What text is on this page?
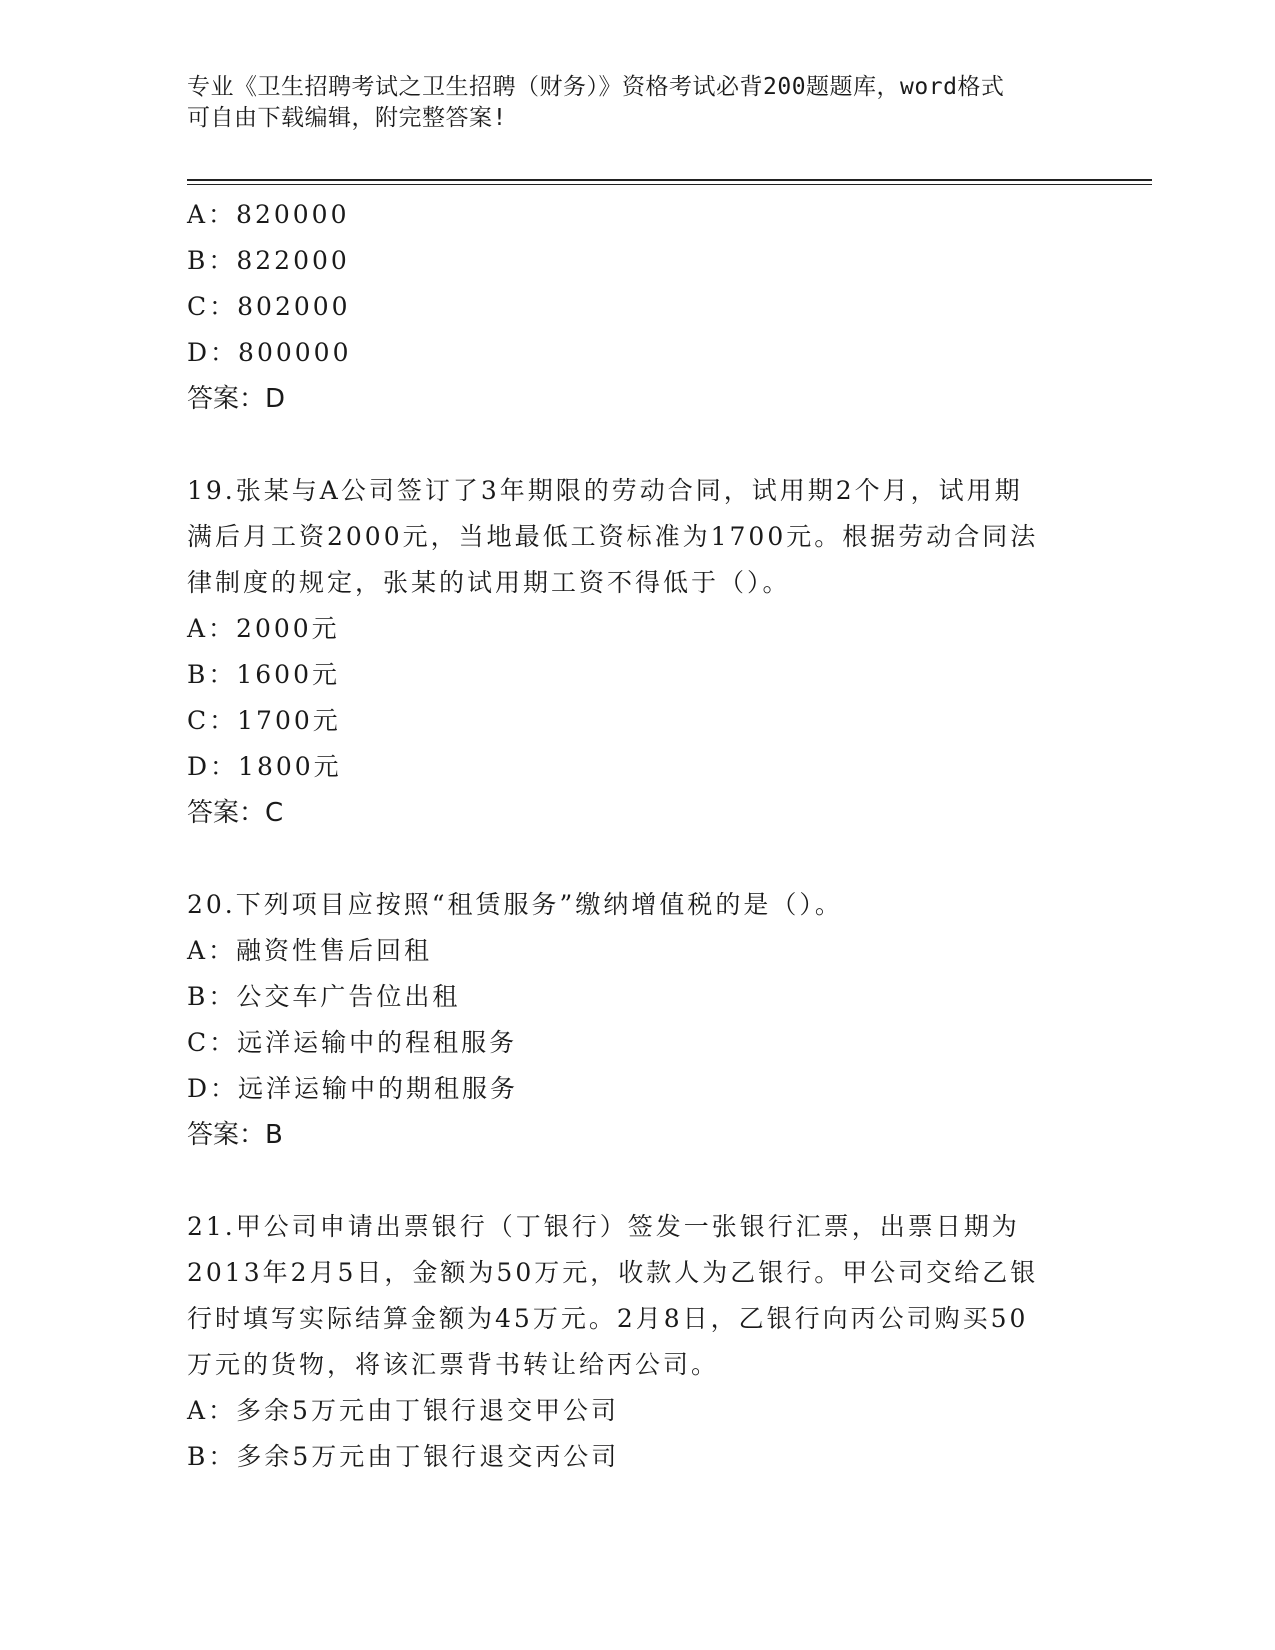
专业《卫生招聘考试之卫生招聘（财务）》资格考试必背200题题库，word格式
可自由下载编辑，附完整答案!
A：820000
B：822000
C：802000
D：800000
答案：D
19.张某与A公司签订了3年期限的劳动合同，试用期2个月，试用期
满后月工资2000元，当地最低工资标准为1700元。根据劳动合同法
律制度的规定，张某的试用期工资不得低于（）。
A：2000元
B：1600元
C：1700元
D：1800元
答案：C
20.下列项目应按照“租赁服务”缴纳增值税的是（）。
A：融资性售后回租
B：公交车广告位出租
C：远洋运输中的程租服务
D：远洋运输中的期租服务
答案：B
21.甲公司申请出票银行（丁银行）签发一张银行汇票，出票日期为
2013年2月5日，金额为50万元，收款人为乙银行。甲公司交给乙银
行时填写实际结算金额为45万元。2月8日，乙银行向丙公司购买50
万元的货物，将该汇票背书转让给丙公司。
A：多余5万元由丁银行退交甲公司
B：多余5万元由丁银行退交丙公司
